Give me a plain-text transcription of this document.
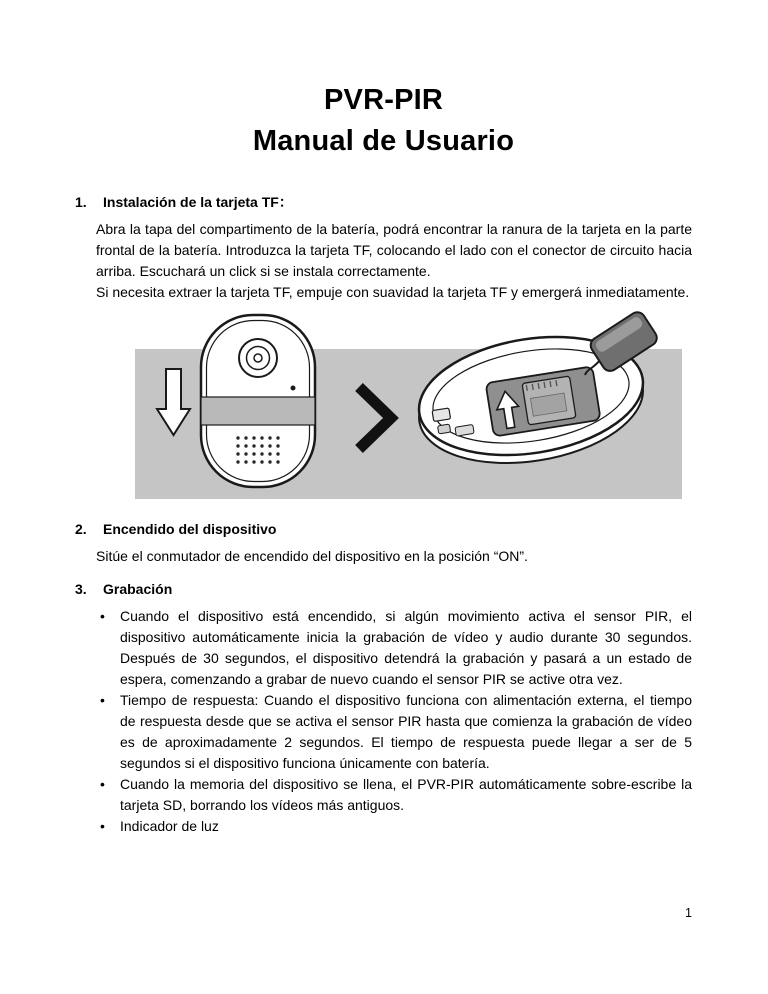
PVR-PIR
Manual de Usuario
1.	Instalación de la tarjeta TF：

Abra la tapa del compartimento de la batería, podrá encontrar la ranura de la tarjeta en la parte frontal de la batería. Introduzca la tarjeta TF, colocando el lado con el conector de circuito hacia arriba. Escuchará un click si se instala correctamente.

Si necesita extraer la tarjeta TF, empuje con suavidad la tarjeta TF y emergerá inmediatamente.

2.	Encendido del dispositivo

Sitúe el conmutador de encendido del dispositivo en la posición “ON”.

3.	Grabación
•	Cuando el dispositivo está encendido, si algún movimiento activa el sensor PIR, el dispositivo automáticamente inicia la grabación de vídeo y audio durante 30 segundos. Después de 30 segundos, el dispositivo detendrá la grabación y pasará a un estado de espera, comenzando a grabar de nuevo cuando el sensor PIR se active otra vez.
•	Tiempo de respuesta: Cuando el dispositivo funciona con alimentación externa, el tiempo de respuesta desde que se activa el sensor PIR hasta que comienza la grabación de vídeo es de aproximadamente 2 segundos. El tiempo de respuesta puede llegar a ser de 5 segundos si el dispositivo funciona únicamente con batería.
•	Cuando la memoria del dispositivo se llena, el PVR-PIR automáticamente sobre-escribe la tarjeta SD, borrando los vídeos más antiguos.
•	Indicador de luz
1
